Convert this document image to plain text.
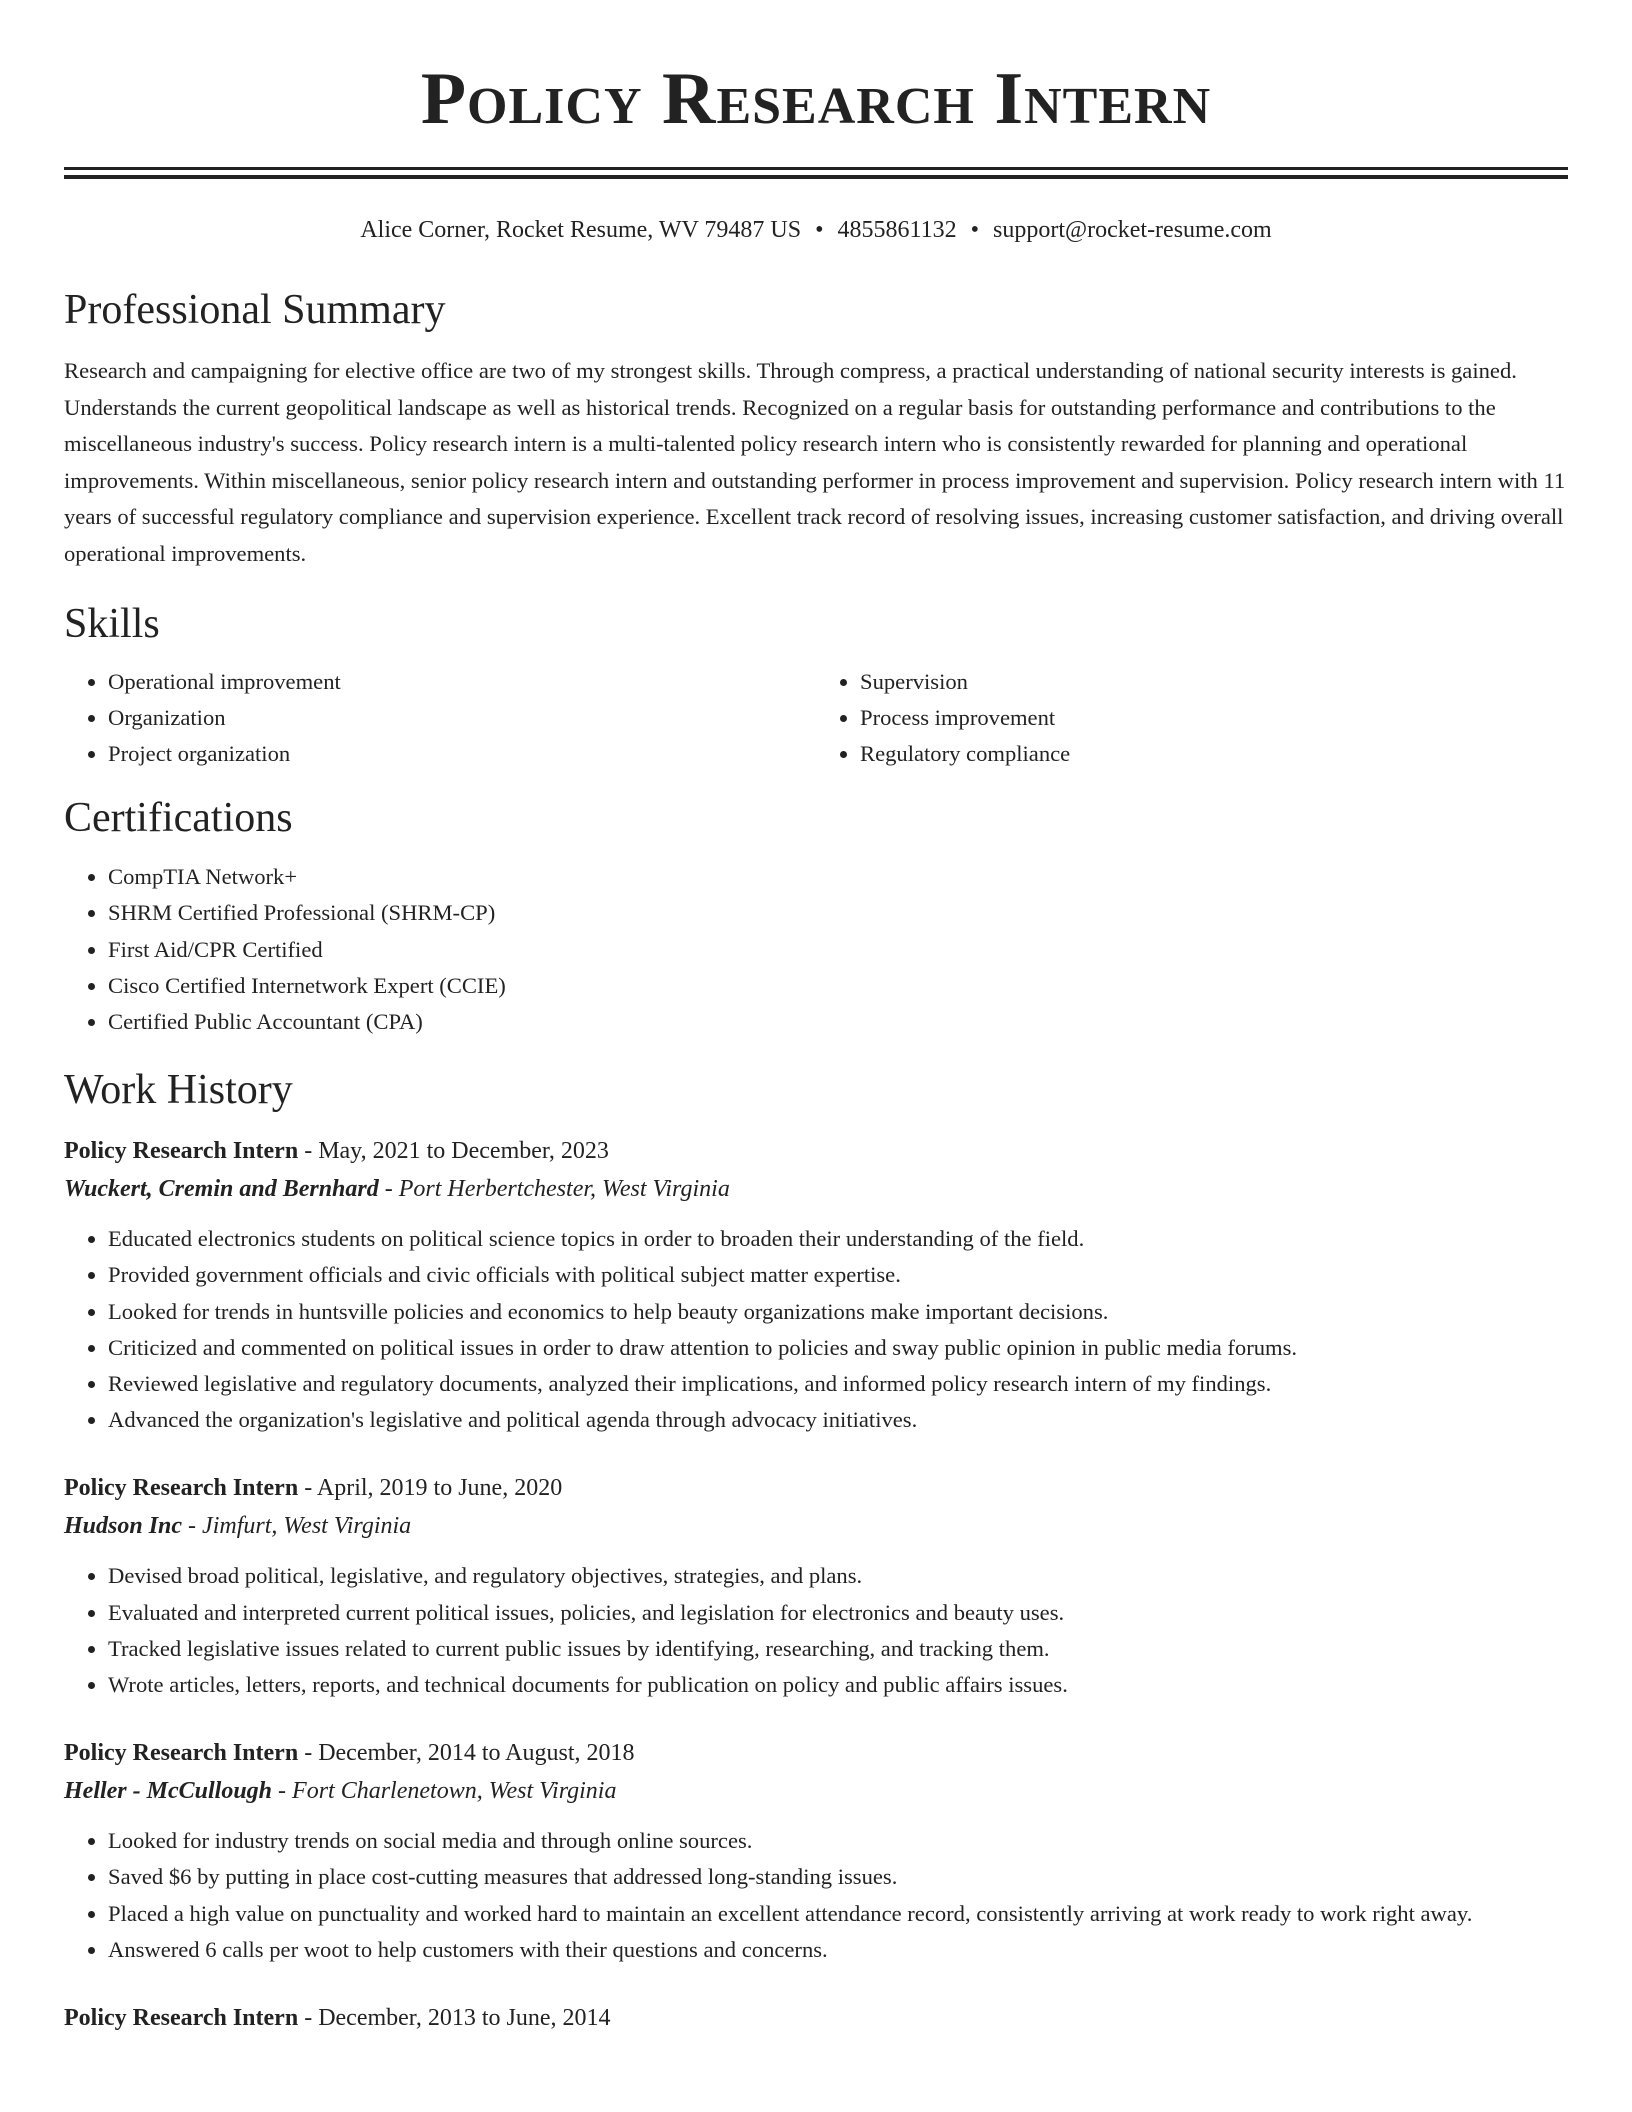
Policy Research Intern
Alice Corner, Rocket Resume, WV 79487 US • 4855861132 • support@rocket-resume.com
Professional Summary

Research and campaigning for elective office are two of my strongest skills. Through compress, a practical understanding of national security interests is gained. Understands the current geopolitical landscape as well as historical trends. Recognized on a regular basis for outstanding performance and contributions to the miscellaneous industry's success. Policy research intern is a multi-talented policy research intern who is consistently rewarded for planning and operational improvements. Within miscellaneous, senior policy research intern and outstanding performer in process improvement and supervision. Policy research intern with 11 years of successful regulatory compliance and supervision experience. Excellent track record of resolving issues, increasing customer satisfaction, and driving overall operational improvements.

Skills
• Operational improvement
• Organization
• Project organization
• Supervision
• Process improvement
• Regulatory compliance
Certifications
• CompTIA Network+
• SHRM Certified Professional (SHRM-CP)
• First Aid/CPR Certified
• Cisco Certified Internetwork Expert (CCIE)
• Certified Public Accountant (CPA)
Work History
Policy Research Intern - May, 2021 to December, 2023
Wuckert, Cremin and Bernhard - Port Herbertchester, West Virginia
• Educated electronics students on political science topics in order to broaden their understanding of the field.
• Provided government officials and civic officials with political subject matter expertise.
• Looked for trends in huntsville policies and economics to help beauty organizations make important decisions.
• Criticized and commented on political issues in order to draw attention to policies and sway public opinion in public media forums.
• Reviewed legislative and regulatory documents, analyzed their implications, and informed policy research intern of my findings.
• Advanced the organization's legislative and political agenda through advocacy initiatives.
Policy Research Intern - April, 2019 to June, 2020
Hudson Inc - Jimfurt, West Virginia
• Devised broad political, legislative, and regulatory objectives, strategies, and plans.
• Evaluated and interpreted current political issues, policies, and legislation for electronics and beauty uses.
• Tracked legislative issues related to current public issues by identifying, researching, and tracking them.
• Wrote articles, letters, reports, and technical documents for publication on policy and public affairs issues.
Policy Research Intern - December, 2014 to August, 2018
Heller - McCullough - Fort Charlenetown, West Virginia
• Looked for industry trends on social media and through online sources.
• Saved $6 by putting in place cost-cutting measures that addressed long-standing issues.
• Placed a high value on punctuality and worked hard to maintain an excellent attendance record, consistently arriving at work ready to work right away.
• Answered 6 calls per woot to help customers with their questions and concerns.
Policy Research Intern - December, 2013 to June, 2014
